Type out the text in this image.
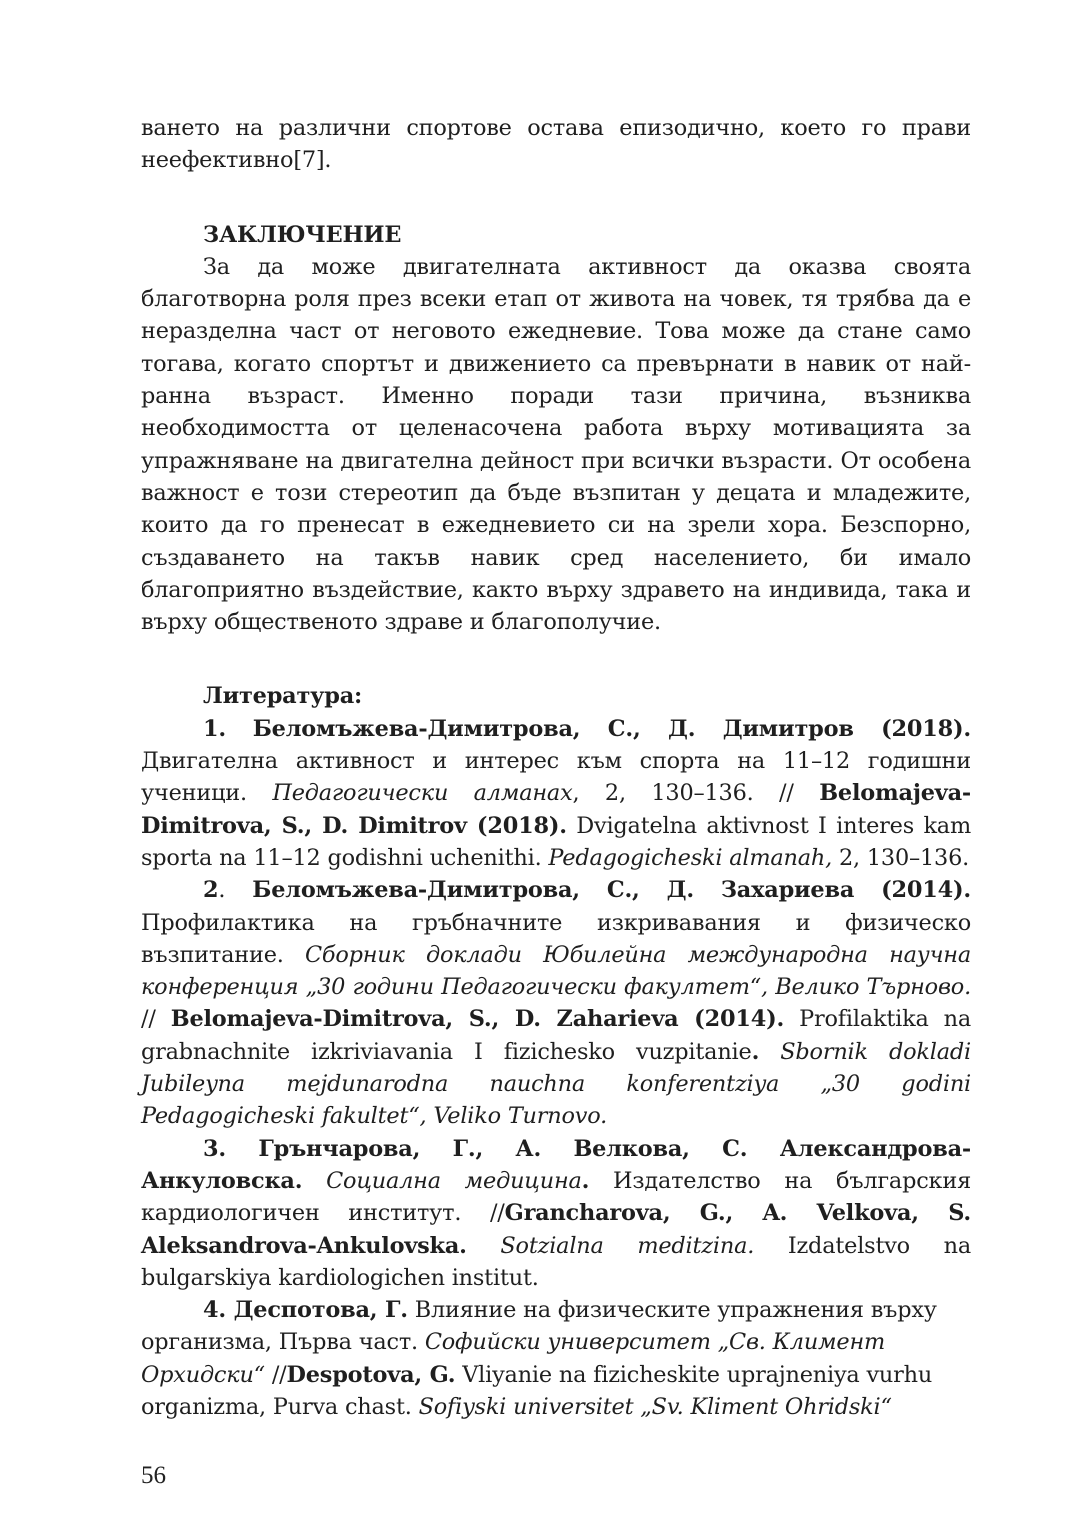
ването на различни спортове остава епизодично, което го прави неефективно[7].

ЗАКЛЮЧЕНИЕ

За да може двигателната активност да оказва своята благотворна роля през всеки етап от живота на човек, тя трябва да е неразделна част от неговото ежедневие. Това може да стане само тогава, когато спортът и движението са превърнати в навик от най-ранна възраст. Именно поради тази причина, възниква необходимостта от целенасочена работа върху мотивацията за упражняване на двигателна дейност при всички възрасти. От особена важност е този стереотип да бъде възпитан у децата и младежите, които да го пренесат в ежедневието си на зрели хора. Безспорно, създаването на такъв навик сред населението, би имало благоприятно въздействие, както върху здравето на индивида, така и върху общественото здраве и благополучие.

Литература:

1. Беломъжева-Димитрова, С., Д. Димитров (2018). Двигателна активност и интерес към спорта на 11–12 годишни ученици. Педагогически алманах, 2, 130–136. // Belomajeva-Dimitrova, S., D. Dimitrov (2018). Dvigatelna aktivnost I interes kam sporta na 11–12 godishni uchenithi. Pedagogicheski almanah, 2, 130–136.

2. Беломъжева-Димитрова, С., Д. Захариева (2014). Профилактика на гръбначните изкривавания и физическо възпитание. Сборник доклади Юбилейна международна научна конференция „30 години Педагогически факултет“, Велико Търново. // Belomajeva-Dimitrova, S., D. Zaharieva (2014). Profilaktika na grabnachnite izkriviavania I fizichesko vuzpitanie. Sbornik dokladi Jubileyna mejdunarodna nauchna konferentziya „30 godini Pedagogicheski fakultet“, Veliko Turnovo.

3. Грънчарова, Г., А. Велкова, С. Александрова-Анкуловска. Социална медицина. Издателство на българския кардиологичен институт. //Grancharova, G., A. Velkova, S. Aleksandrova-Ankulovska. Sotzialna meditzina. Izdatelstvo na bulgarskiya kardiologichen institut.

4. Деспотова, Г. Влияние на физическите упражнения върху организма, Първа част. Софийски университет „Св. Климент Орхидски“ //Despotova, G. Vliyanie na fizicheskite uprajneniya vurhu organizma, Purva chast. Sofiyski universitet „Sv. Kliment Ohridski“

56
